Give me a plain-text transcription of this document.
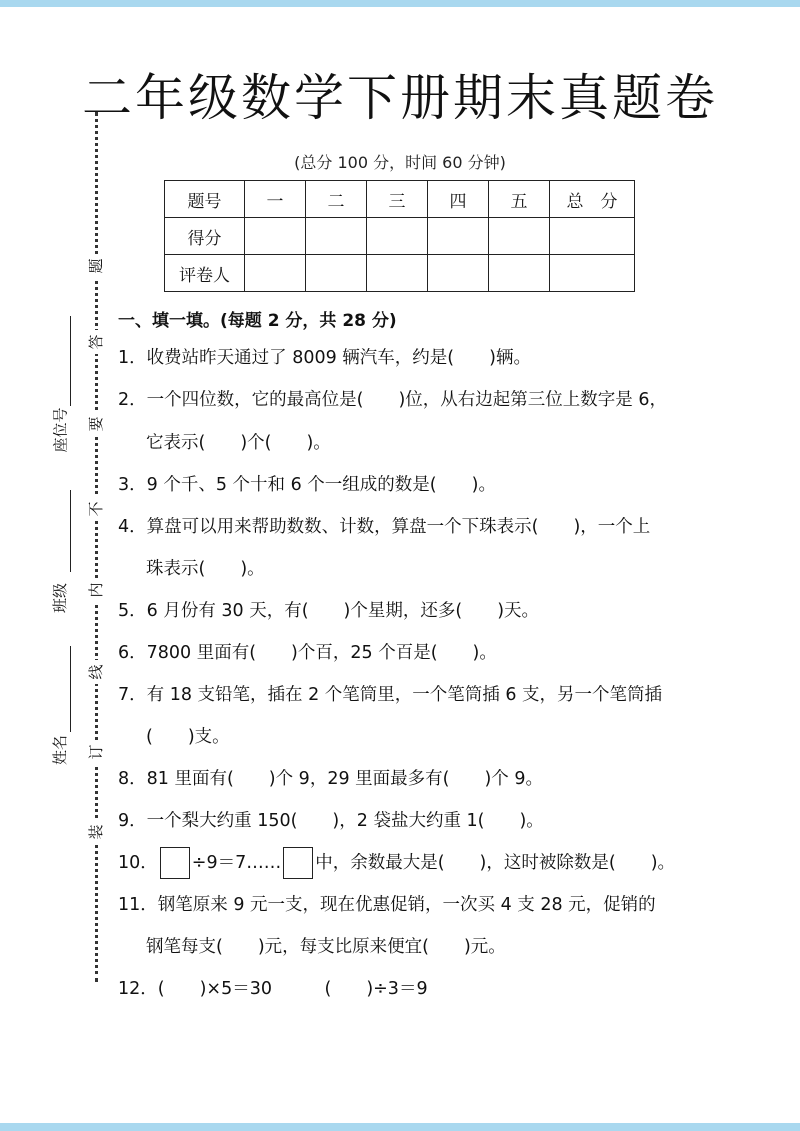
二年级数学下册期末真题卷
(总分 100 分，时间 60 分钟)
题号	一	二	三	四	五	总　分
得分						
评卷人						
题
答
要
不
内
线
订
装
座位号
班级
姓名
一、填一填。(每题 2 分，共 28 分)
1．收费站昨天通过了 8009 辆汽车，约是(　　)辆。
2．一个四位数，它的最高位是(　　)位，从右边起第三位上数字是 6，
它表示(　　)个(　　)。
3．9 个千、5 个十和 6 个一组成的数是(　　)。
4．算盘可以用来帮助数数、计数，算盘一个下珠表示(　　)，一个上
珠表示(　　)。
5．6 月份有 30 天，有(　　)个星期，还多(　　)天。
6．7800 里面有(　　)个百，25 个百是(　　)。
7．有 18 支铅笔，插在 2 个笔筒里，一个笔筒插 6 支，另一个笔筒插
(　　)支。
8．81 里面有(　　)个 9，29 里面最多有(　　)个 9。
9．一个梨大约重 150(　　)，2 袋盐大约重 1(　　)。
10． ÷9＝7…… 中，余数最大是(　　)，这时被除数是(　　)。
11．钢笔原来 9 元一支，现在优惠促销，一次买 4 支 28 元，促销的
钢笔每支(　　)元，每支比原来便宜(　　)元。
12．(　　)×5＝30　　　(　　)÷3＝9
